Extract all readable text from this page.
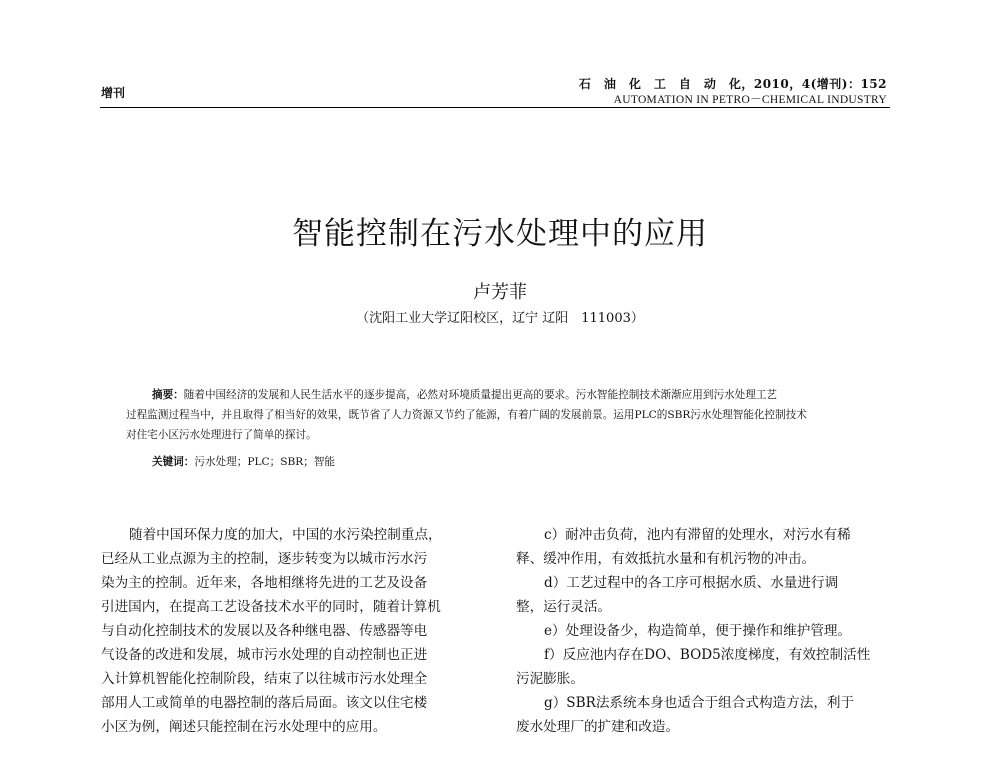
增刊
石　油　化　工　自　动　化，2010，4(增刊)：152
AUTOMATION IN PETRO－CHEMICAL INDUSTRY
智能控制在污水处理中的应用
卢芳菲
（沈阳工业大学辽阳校区，辽宁 辽阳　111003）
摘要：随着中国经济的发展和人民生活水平的逐步提高，必然对环境质量提出更高的要求。污水智能控制技术渐渐应用到污水处理工艺
过程监测过程当中，并且取得了相当好的效果，既节省了人力资源又节约了能源，有着广阔的发展前景。运用PLC的SBR污水处理智能化控制技术
对住宅小区污水处理进行了简单的探讨。
关键词：污水处理；PLC；SBR；智能
随着中国环保力度的加大，中国的水污染控制重点，
已经从工业点源为主的控制，逐步转变为以城市污水污
染为主的控制。近年来，各地相继将先进的工艺及设备
引进国内，在提高工艺设备技术水平的同时，随着计算机
与自动化控制技术的发展以及各种继电器、传感器等电
气设备的改进和发展，城市污水处理的自动控制也正进
入计算机智能化控制阶段，结束了以往城市污水处理全
部用人工或简单的电器控制的落后局面。该文以住宅楼
小区为例，阐述只能控制在污水处理中的应用。
c）耐冲击负荷，池内有滞留的处理水，对污水有稀
释、缓冲作用，有效抵抗水量和有机污物的冲击。
d）工艺过程中的各工序可根据水质、水量进行调
整，运行灵活。
e）处理设备少，构造简单，便于操作和维护管理。
f）反应池内存在DO、BOD5浓度梯度，有效控制活性
污泥膨胀。
g）SBR法系统本身也适合于组合式构造方法，利于
废水处理厂的扩建和改造。
